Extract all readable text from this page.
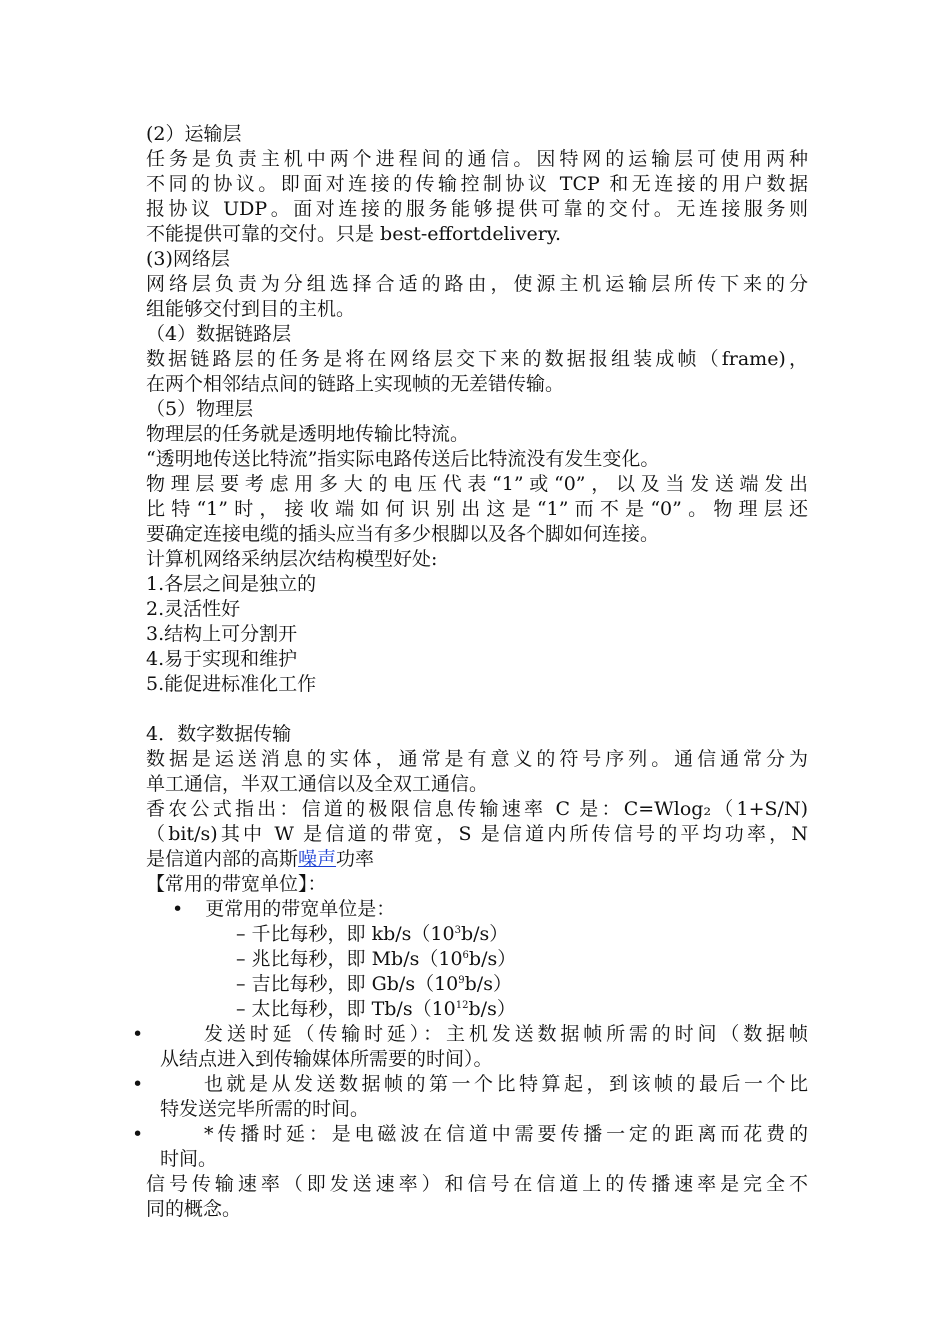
(2）运输层
任务是负责主机中两个进程间的通信。因特网的运输层可使用两种
不同的协议。即面对连接的传输控制协议 TCP 和无连接的用户数据
报协议 UDP。面对连接的服务能够提供可靠的交付。无连接服务则
不能提供可靠的交付。只是 best-effortdelivery.
(3)网络层
网络层负责为分组选择合适的路由，使源主机运输层所传下来的分
组能够交付到目的主机。
（4）数据链路层
数据链路层的任务是将在网络层交下来的数据报组装成帧（frame)，
在两个相邻结点间的链路上实现帧的无差错传输。
（5）物理层
物理层的任务就是透明地传输比特流。
“透明地传送比特流”指实际电路传送后比特流没有发生变化。
物理层要考虑用多大的电压代表“1”或“0”，以及当发送端发出
比特“1”时，接收端如何识别出这是“1”而不是“0”。物理层还
要确定连接电缆的插头应当有多少根脚以及各个脚如何连接。
计算机网络采纳层次结构模型好处:
1.各层之间是独立的
2.灵活性好
3.结构上可分割开
4.易于实现和维护
5.能促进标准化工作
4．数字数据传输
数据是运送消息的实体，通常是有意义的符号序列。通信通常分为
单工通信，半双工通信以及全双工通信。
香农公式指出：信道的极限信息传输速率 C 是：C=Wlog₂（1+S/N)
（bit/s)其中 W 是信道的带宽，S 是信道内所传信号的平均功率，N
是信道内部的高斯噪声功率
【常用的带宽单位】：
• 更常用的带宽单位是：
– 千比每秒，即 $kb/s(10^3b/s)$
– 兆比每秒，即 $Mb/s(10^6b/s)$
– 吉比每秒，即 $Gb/s(10^9b/s)$
– 太比每秒，即 $Tb/s(10^{12}b/s)$
•	发送时延（传输时延）：主机发送数据帧所需的时间（数据帧
从结点进入到传输媒体所需要的时间）。
•	也就是从发送数据帧的第一个比特算起，到该帧的最后一个比
特发送完毕所需的时间。
•	*传播时延：是电磁波在信道中需要传播一定的距离而花费的
时间。
信号传输速率（即发送速率）和信号在信道上的传播速率是完全不
同的概念。
